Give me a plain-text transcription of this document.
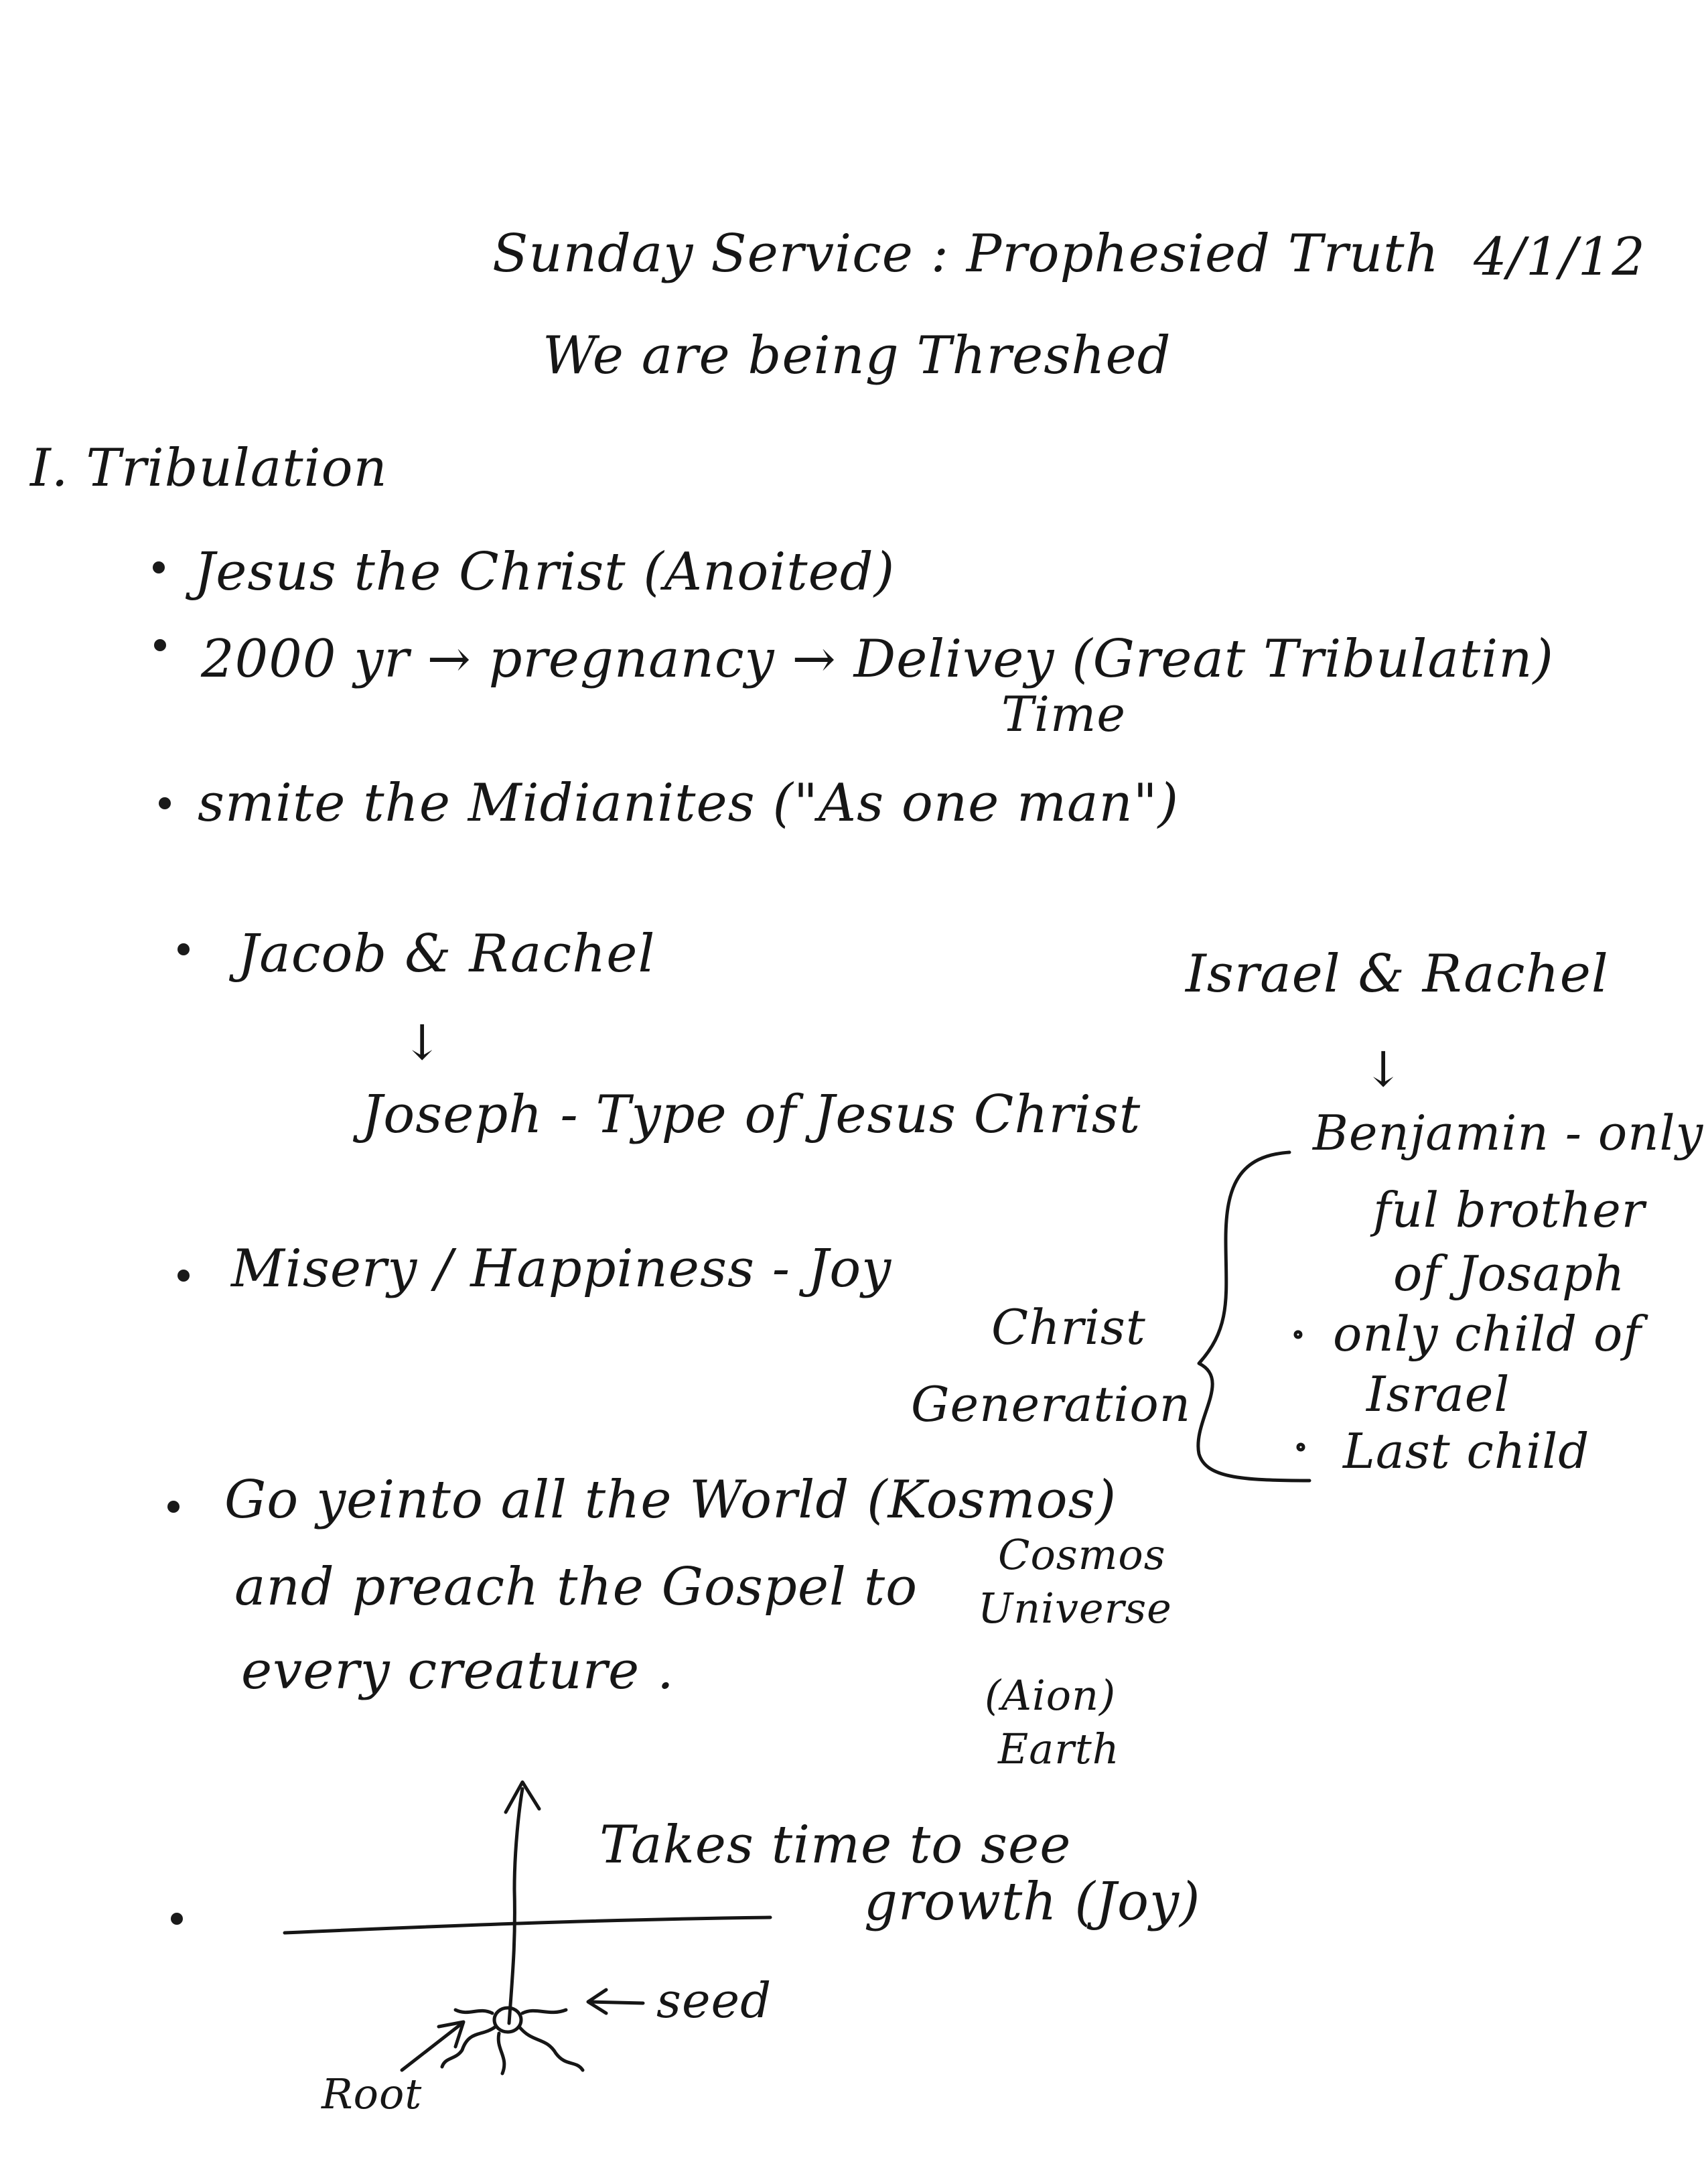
Sunday Service : Prophesied Truth 4/1/12
We are being Threshed
I. Tribulation
Jesus the Christ (Anoited)
2000 yr → pregnancy → Delivey (Great Tribulatin)
Time
smite the Midianites ("As one man")
Jacob & Rachel
↓
Joseph - Type of Jesus Christ
Israel & Rachel
↓
Benjamin - only
ful brother
of Josaph
only child of
Israel
Last child
Misery / Happiness - Joy
Christ
Generation
Go yeinto all the World (Kosmos)
and preach the Gospel to
every creature .
Cosmos
Universe
(Aion)
Earth
Takes time to see
growth (Joy)
seed
Root
